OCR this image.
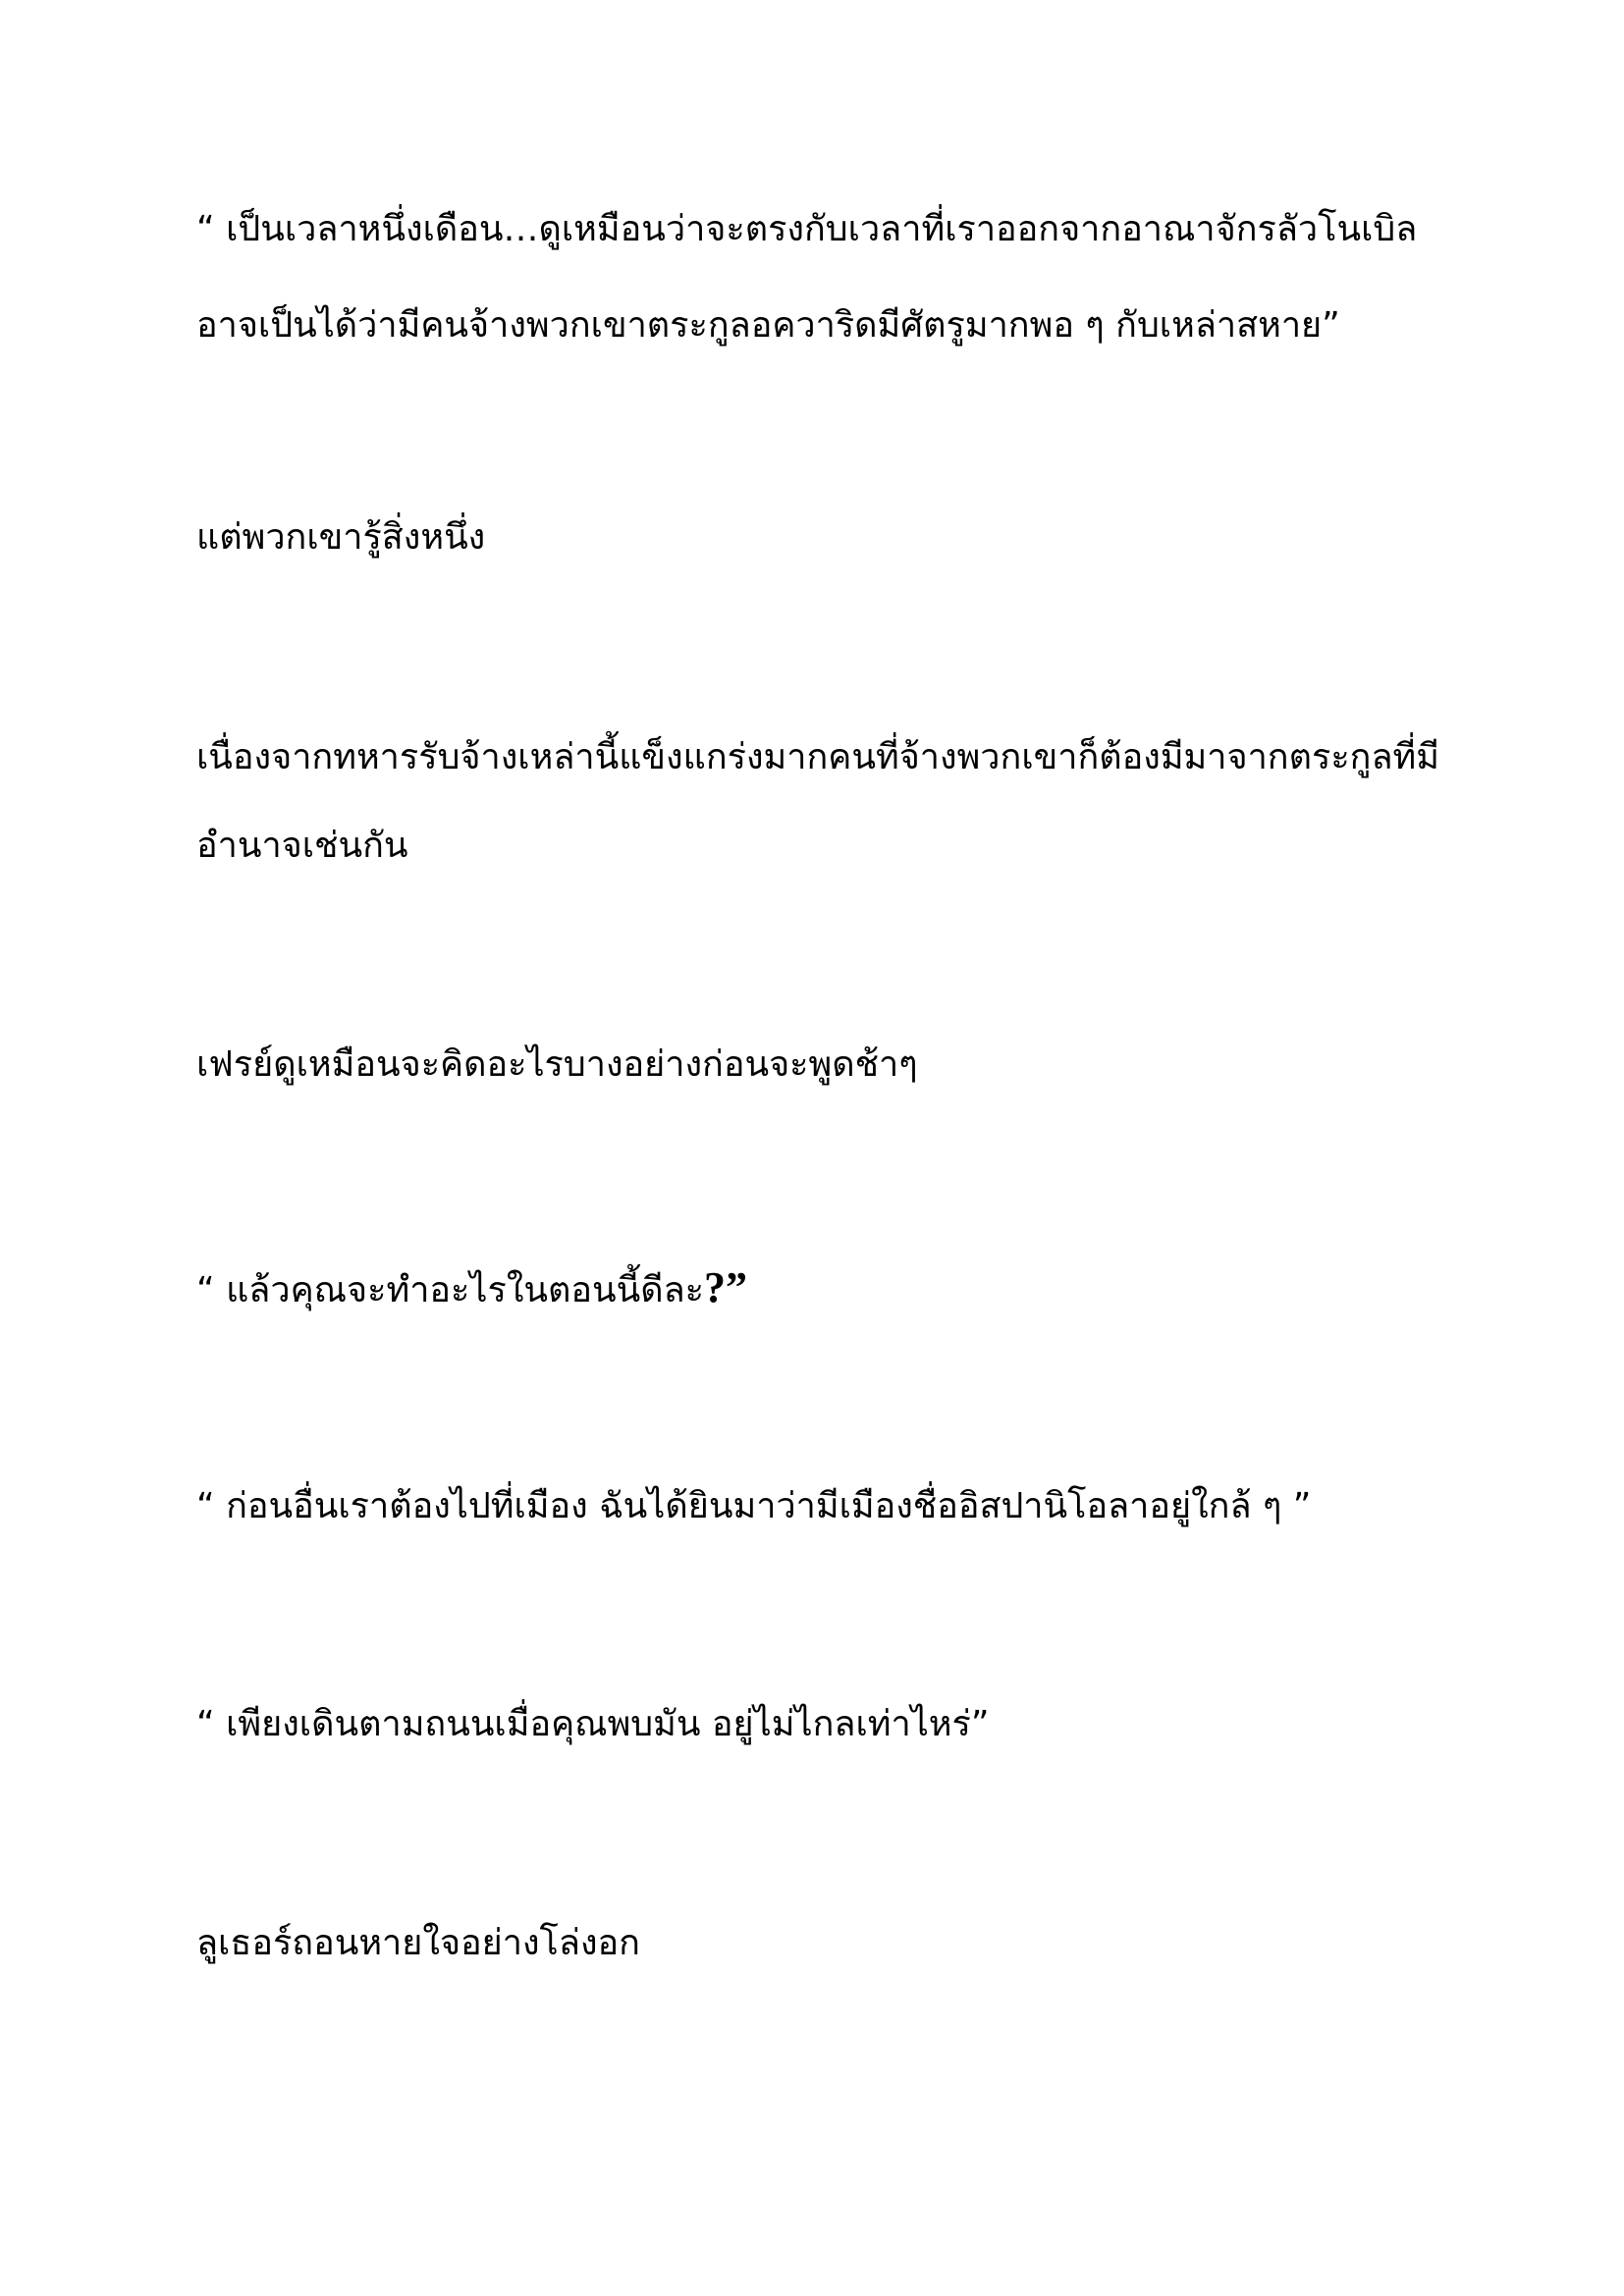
“ เป็นเวลาหนึ่งเดือน…ดูเหมือนว่าจะตรงกับเวลาที่เราออกจากอาณาจักรลัวโนเบิล
อาจเป็นได้ว่ามีคนจ้างพวกเขาตระกูลอควาริดมีศัตรูมากพอ ๆ กับเหล่าสหาย”
แต่พวกเขารู้สิ่งหนึ่ง
เนื่องจากทหารรับจ้างเหล่านี้แข็งแกร่งมากคนที่จ้างพวกเขาก็ต้องมีมาจากตระกูลที่มี
อำนาจเช่นกัน
เฟรย์ดูเหมือนจะคิดอะไรบางอย่างก่อนจะพูดช้าๆ
“ แล้วคุณจะทำอะไรในตอนนี้ดีละ?”
“ ก่อนอื่นเราต้องไปที่เมือง ฉันได้ยินมาว่ามีเมืองชื่ออิสปานิโอลาอยู่ใกล้ ๆ ”
“ เพียงเดินตามถนนเมื่อคุณพบมัน อยู่ไม่ไกลเท่าไหร่”
ลูเธอร์ถอนหายใจอย่างโล่งอก
